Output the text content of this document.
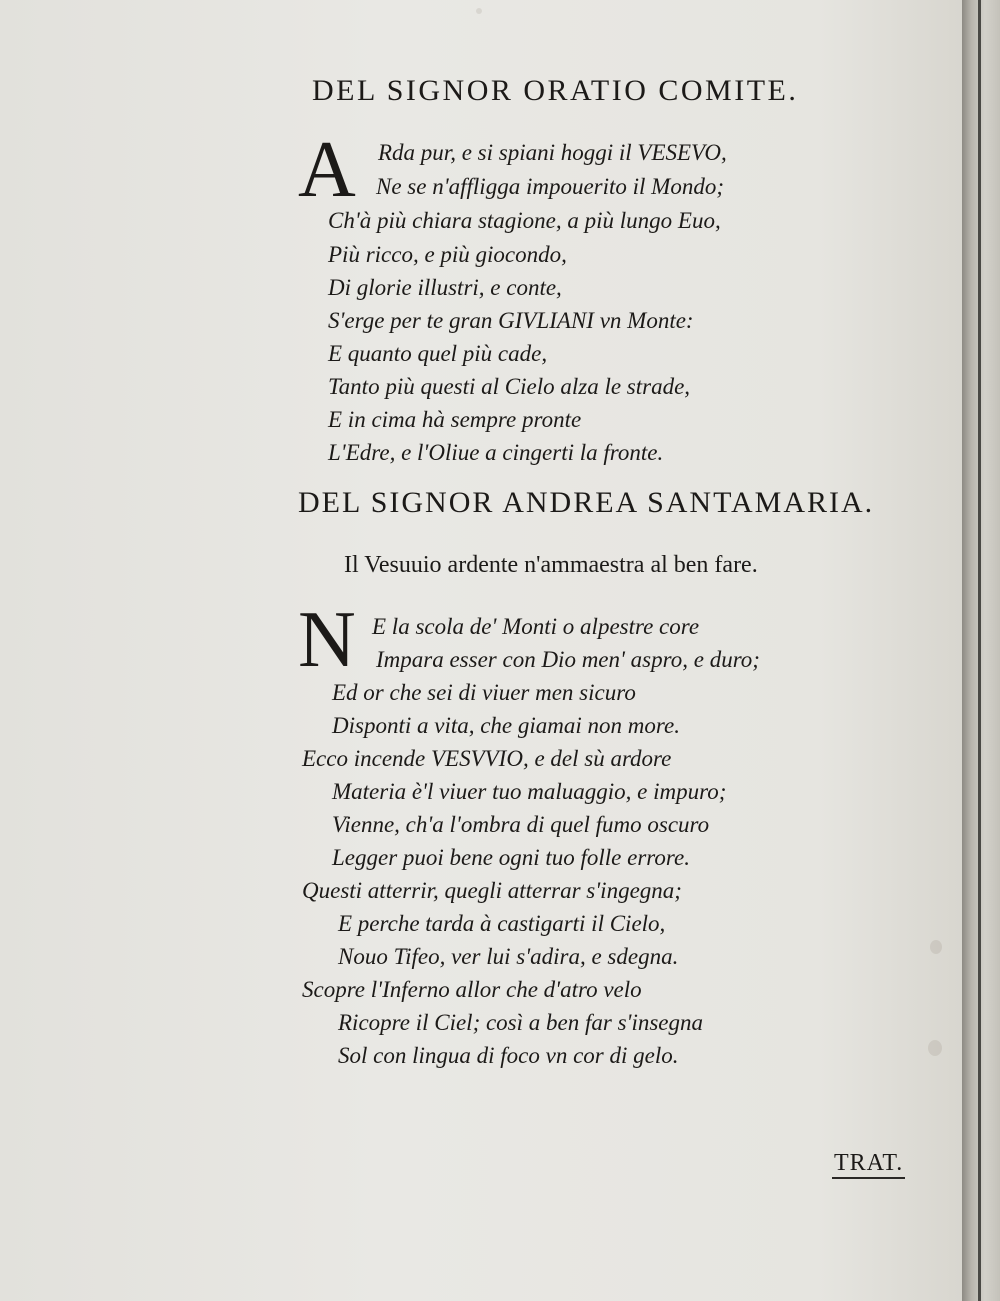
DEL SIGNOR ORATIO COMITE.
A Rda pur, e si spiani hoggi il VESEVO,
Ne se n'affligga impouerito il Mondo;
Ch'à più chiara stagione, a più lungo Euo,
Più ricco, e più giocondo,
Di glorie illustri, e conte,
S'erge per te gran GIVLIANI vn Monte:
E quanto quel più cade,
Tanto più questi al Cielo alza le strade,
E in cima hà sempre pronte
L'Edre, e l'Oliue a cingerti la fronte.
DEL SIGNOR ANDREA SANTAMARIA.

Il Vesuuio ardente n'ammaestra al ben fare.

N E la scola de' Monti o alpestre core
Impara esser con Dio men' aspro, e duro;
Ed or che sei di viuer men sicuro
Disponti a vita, che giamai non more.
Ecco incende VESVVIO, e del sù ardore
Materia è'l viuer tuo maluaggio, e impuro;
Vienne, ch'a l'ombra di quel fumo oscuro
Legger puoi bene ogni tuo folle errore.
Questi atterrir, quegli atterrar s'ingegna;
E perche tarda à castigarti il Cielo,
Nouo Tifeo, ver lui s'adira, e sdegna.
Scopre l'Inferno allor che d'atro velo
Ricopre il Ciel; così a ben far s'insegna
Sol con lingua di foco vn cor di gelo.

TRAT.
